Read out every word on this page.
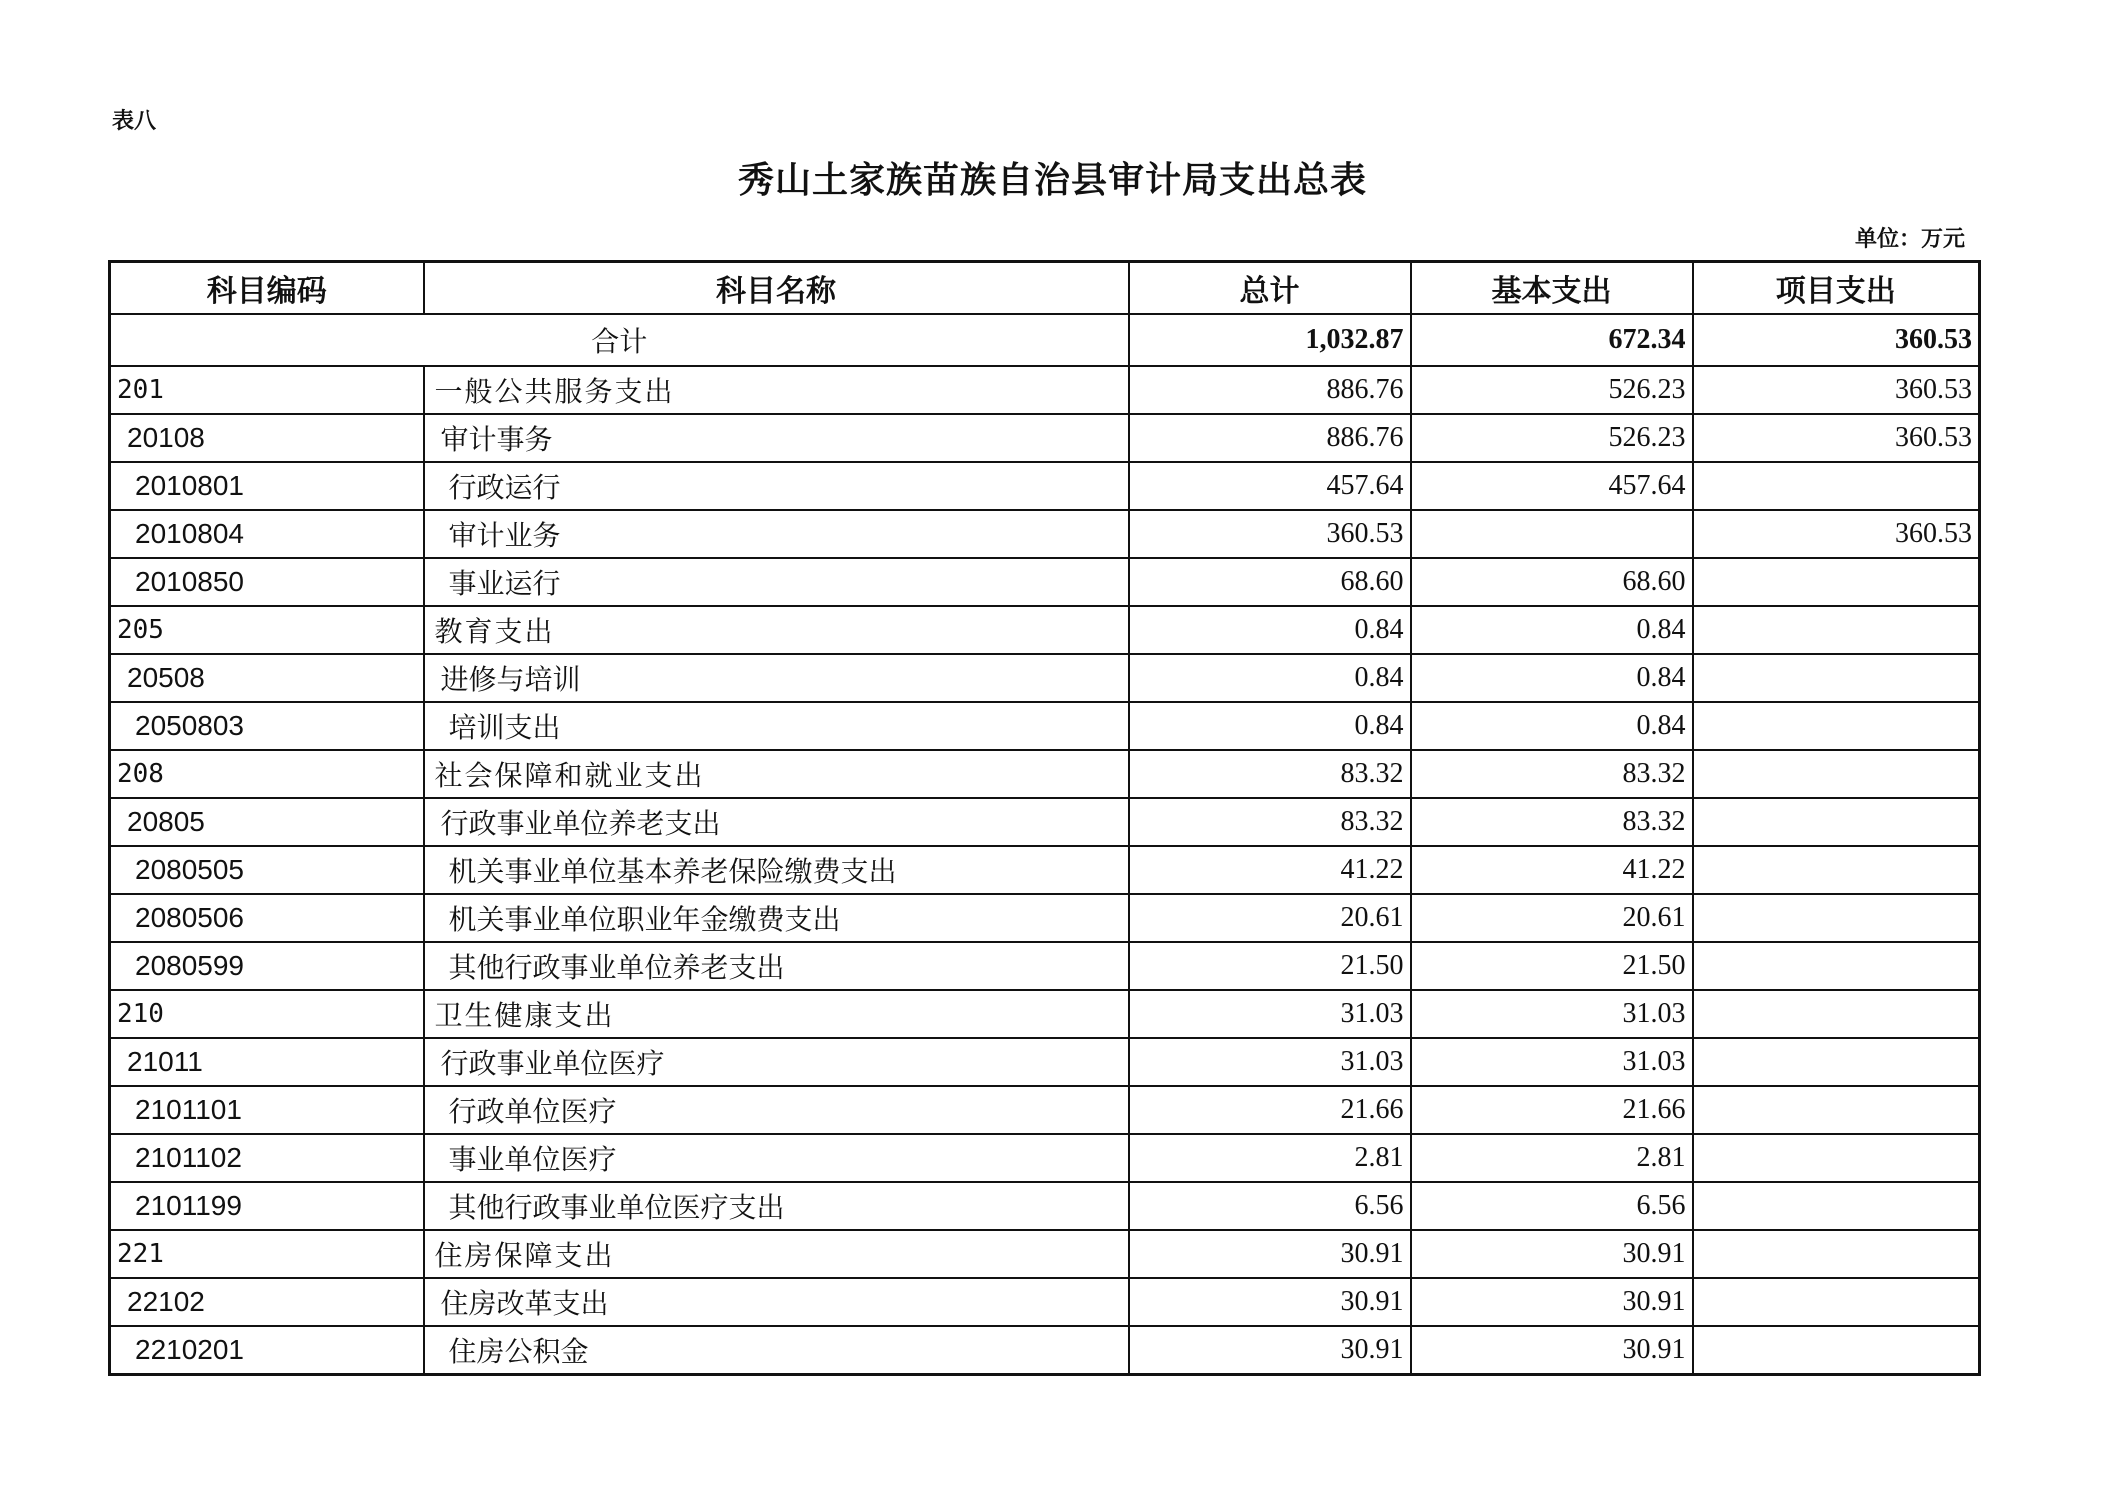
表八
秀山土家族苗族自治县审计局支出总表
单位：万元
科目编码	科目名称	总计	基本支出	项目支出
合计		1,032.87	672.34	360.53
201	一般公共服务支出	886.76	526.23	360.53
20108	审计事务	886.76	526.23	360.53
2010801	行政运行	457.64	457.64	
2010804	审计业务	360.53		360.53
2010850	事业运行	68.60	68.60	
205	教育支出	0.84	0.84	
20508	进修与培训	0.84	0.84	
2050803	培训支出	0.84	0.84	
208	社会保障和就业支出	83.32	83.32	
20805	行政事业单位养老支出	83.32	83.32	
2080505	机关事业单位基本养老保险缴费支出	41.22	41.22	
2080506	机关事业单位职业年金缴费支出	20.61	20.61	
2080599	其他行政事业单位养老支出	21.50	21.50	
210	卫生健康支出	31.03	31.03	
21011	行政事业单位医疗	31.03	31.03	
2101101	行政单位医疗	21.66	21.66	
2101102	事业单位医疗	2.81	2.81	
2101199	其他行政事业单位医疗支出	6.56	6.56	
221	住房保障支出	30.91	30.91	
22102	住房改革支出	30.91	30.91	
2210201	住房公积金	30.91	30.91	
